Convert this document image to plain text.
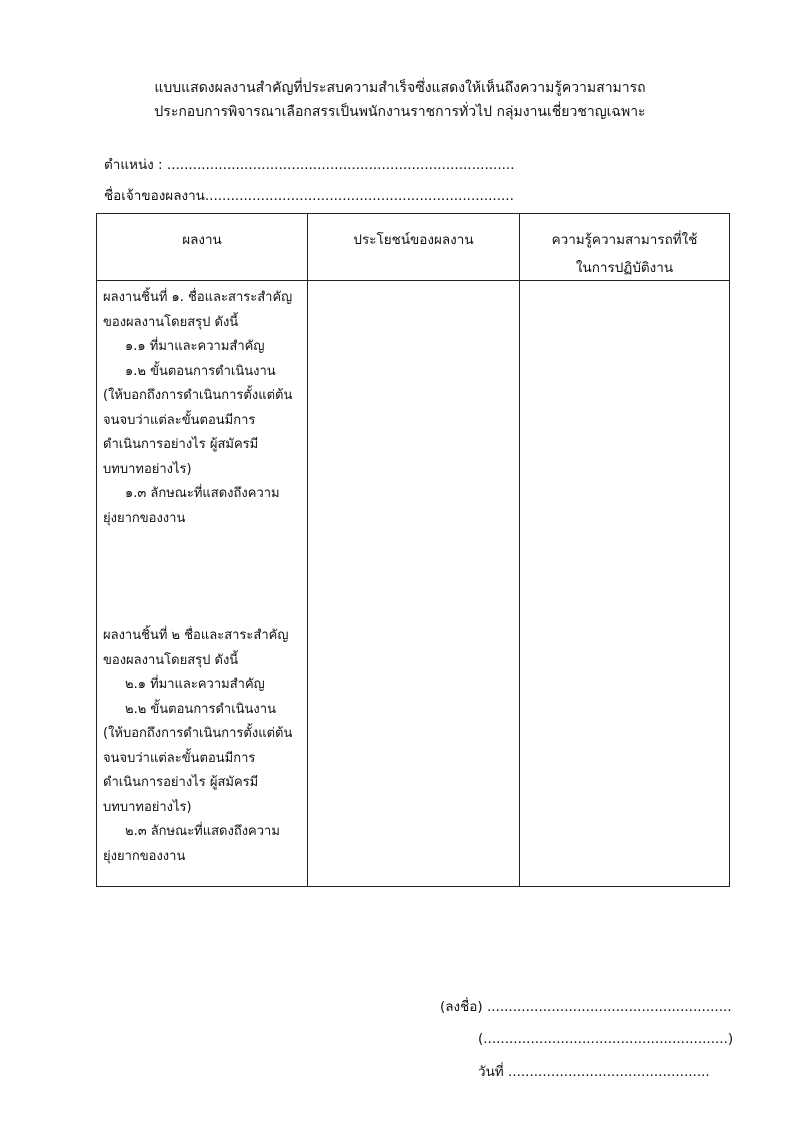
แบบแสดงผลงานสำคัญที่ประสบความสำเร็จซึ่งแสดงให้เห็นถึงความรู้ความสามารถ
ประกอบการพิจารณาเลือกสรรเป็นพนักงานราชการทั่วไป กลุ่มงานเชี่ยวชาญเฉพาะ
ตำแหน่ง : .................................................................................
ชื่อเจ้าของผลงาน........................................................................
ผลงาน	ประโยชน์ของผลงาน	ความรู้ความสามารถที่ใช้
ในการปฏิบัติงาน
ผลงานชิ้นที่ ๑. ชื่อและสาระสำคัญ
ของผลงานโดยสรุป ดังนี้
๑.๑ ที่มาและความสำคัญ
๑.๒ ขั้นตอนการดำเนินงาน
(ให้บอกถึงการดำเนินการตั้งแต่ต้น
จนจบว่าแต่ละขั้นตอนมีการ
ดำเนินการอย่างไร ผู้สมัครมี
บทบาทอย่างไร)
๑.๓ ลักษณะที่แสดงถึงความ
ยุ่งยากของงาน
ผลงานชิ้นที่ ๒ ชื่อและสาระสำคัญ
ของผลงานโดยสรุป ดังนี้
๒.๑ ที่มาและความสำคัญ
๒.๒ ขั้นตอนการดำเนินงาน
(ให้บอกถึงการดำเนินการตั้งแต่ต้น
จนจบว่าแต่ละขั้นตอนมีการ
ดำเนินการอย่างไร ผู้สมัครมี
บทบาทอย่างไร)
๒.๓ ลักษณะที่แสดงถึงความ
ยุ่งยากของงาน
(ลงชื่อ) .........................................................
(.........................................................)
วันที่ ...............................................
